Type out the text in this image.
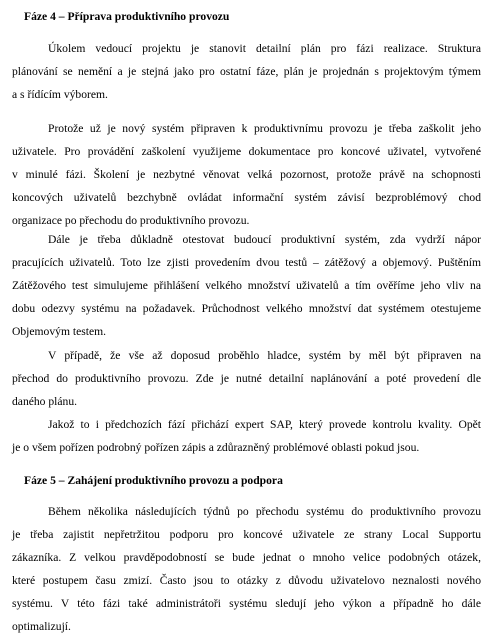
Fáze 4 – Příprava produktivního provozu

Úkolem vedoucí projektu je stanovit detailní plán pro fázi realizace. Struktura
plánování se nemění a je stejná jako pro ostatní fáze, plán je projednán s projektovým týmem
a s řídícím výborem.

Protože už je nový systém připraven k produktivnímu provozu je třeba zaškolit jeho
uživatele. Pro provádění zaškolení využijeme dokumentace pro koncové uživatel, vytvořené
v minulé fázi. Školení je nezbytné věnovat velká pozornost, protože právě na schopnosti
koncových uživatelů bezchybně ovládat informační systém závisí bezproblémový chod
organizace po přechodu do produktivního provozu.

Dále je třeba důkladně otestovat budoucí produktivní systém, zda vydrží nápor
pracujících uživatelů. Toto lze zjisti provedením dvou testů – zátěžový a objemový. Puštěním
Zátěžového test simulujeme přihlášení velkého množství uživatelů a tím ověříme jeho vliv na
dobu odezvy systému na požadavek. Průchodnost velkého množství dat systémem otestujeme
Objemovým testem.

V případě, že vše až doposud proběhlo hladce, systém by měl být připraven na
přechod do produktivního provozu. Zde je nutné detailní naplánování a poté provedení dle
daného plánu.

Jakož to i předchozích fází přichází expert SAP, který provede kontrolu kvality. Opět
je o všem pořízen podrobný pořízen zápis a zdůrazněný problémové oblasti pokud jsou.

Fáze 5 – Zahájení produktivního provozu a podpora

Během několika následujících týdnů po přechodu systému do produktivního provozu
je třeba zajistit nepřetržitou podporu pro koncové uživatele ze strany Local Supportu
zákazníka. Z velkou pravděpodobností se bude jednat o mnoho velice podobných otázek,
které postupem času zmizí. Často jsou to otázky z důvodu uživatelovo neznalosti nového
systému. V této fázi také administrátoři systému sledují jeho výkon a případně ho dále
optimalizují.
